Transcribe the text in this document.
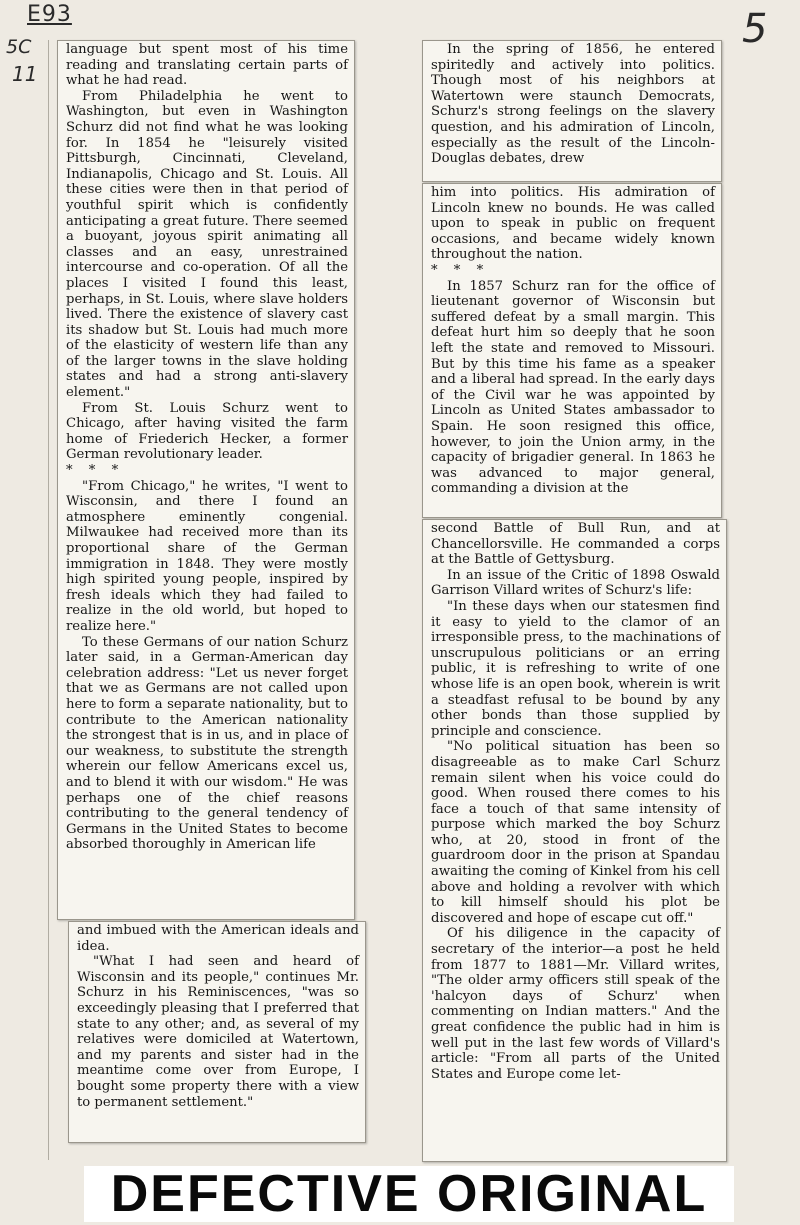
E93
5C
11
5

language but spent most of his time reading and translating certain parts of what he had read.

From Philadelphia he went to Washington, but even in Washington Schurz did not find what he was looking for. In 1854 he "leisurely visited Pittsburgh, Cincinnati, Cleveland, Indianapolis, Chicago and St. Louis. All these cities were then in that period of youthful spirit which is confidently anticipating a great future. There seemed a buoyant, joyous spirit animating all classes and an easy, unrestrained intercourse and co-operation. Of all the places I visited I found this least, perhaps, in St. Louis, where slave holders lived. There the existence of slavery cast its shadow but St. Louis had much more of the elasticity of western life than any of the larger towns in the slave holding states and had a strong anti-slavery element."

From St. Louis Schurz went to Chicago, after having visited the farm home of Friederich Hecker, a former German revolutionary leader.

* * *

"From Chicago," he writes, "I went to Wisconsin, and there I found an atmosphere eminently congenial. Milwaukee had received more than its proportional share of the German immigration in 1848. They were mostly high spirited young people, inspired by fresh ideals which they had failed to realize in the old world, but hoped to realize here."

To these Germans of our nation Schurz later said, in a German-American day celebration address: "Let us never forget that we as Germans are not called upon here to form a separate nationality, but to contribute to the American nationality the strongest that is in us, and in place of our weakness, to substitute the strength wherein our fellow Americans excel us, and to blend it with our wisdom." He was perhaps one of the chief reasons contributing to the general tendency of Germans in the United States to become absorbed thoroughly in American life

and imbued with the American ideals and idea.

"What I had seen and heard of Wisconsin and its people," continues Mr. Schurz in his Reminiscences, "was so exceedingly pleasing that I preferred that state to any other; and, as several of my relatives were domiciled at Watertown, and my parents and sister had in the meantime come over from Europe, I bought some property there with a view to permanent settlement."

In the spring of 1856, he entered spiritedly and actively into politics. Though most of his neighbors at Watertown were staunch Democrats, Schurz's strong feelings on the slavery question, and his admiration of Lincoln, especially as the result of the Lincoln-Douglas debates, drew

him into politics. His admiration of Lincoln knew no bounds. He was called upon to speak in public on frequent occasions, and became widely known throughout the nation.

* * *

In 1857 Schurz ran for the office of lieutenant governor of Wisconsin but suffered defeat by a small margin. This defeat hurt him so deeply that he soon left the state and removed to Missouri. But by this time his fame as a speaker and a liberal had spread. In the early days of the Civil war he was appointed by Lincoln as United States ambassador to Spain. He soon resigned this office, however, to join the Union army, in the capacity of brigadier general. In 1863 he was advanced to major general, commanding a division at the

second Battle of Bull Run, and at Chancellorsville. He commanded a corps at the Battle of Gettysburg.

In an issue of the Critic of 1898 Oswald Garrison Villard writes of Schurz's life:

"In these days when our statesmen find it easy to yield to the clamor of an irresponsible press, to the machinations of unscrupulous politicians or an erring public, it is refreshing to write of one whose life is an open book, wherein is writ a steadfast refusal to be bound by any other bonds than those supplied by principle and conscience.

"No political situation has been so disagreeable as to make Carl Schurz remain silent when his voice could do good. When roused there comes to his face a touch of that same intensity of purpose which marked the boy Schurz who, at 20, stood in front of the guardroom door in the prison at Spandau awaiting the coming of Kinkel from his cell above and holding a revolver with which to kill himself should his plot be discovered and hope of escape cut off."

Of his diligence in the capacity of secretary of the interior—a post he held from 1877 to 1881—Mr. Villard writes, "The older army officers still speak of the 'halcyon days of Schurz' when commenting on Indian matters." And the great confidence the public had in him is well put in the last few words of Villard's article: "From all parts of the United States and Europe come let-

DEFECTIVE ORIGINAL
